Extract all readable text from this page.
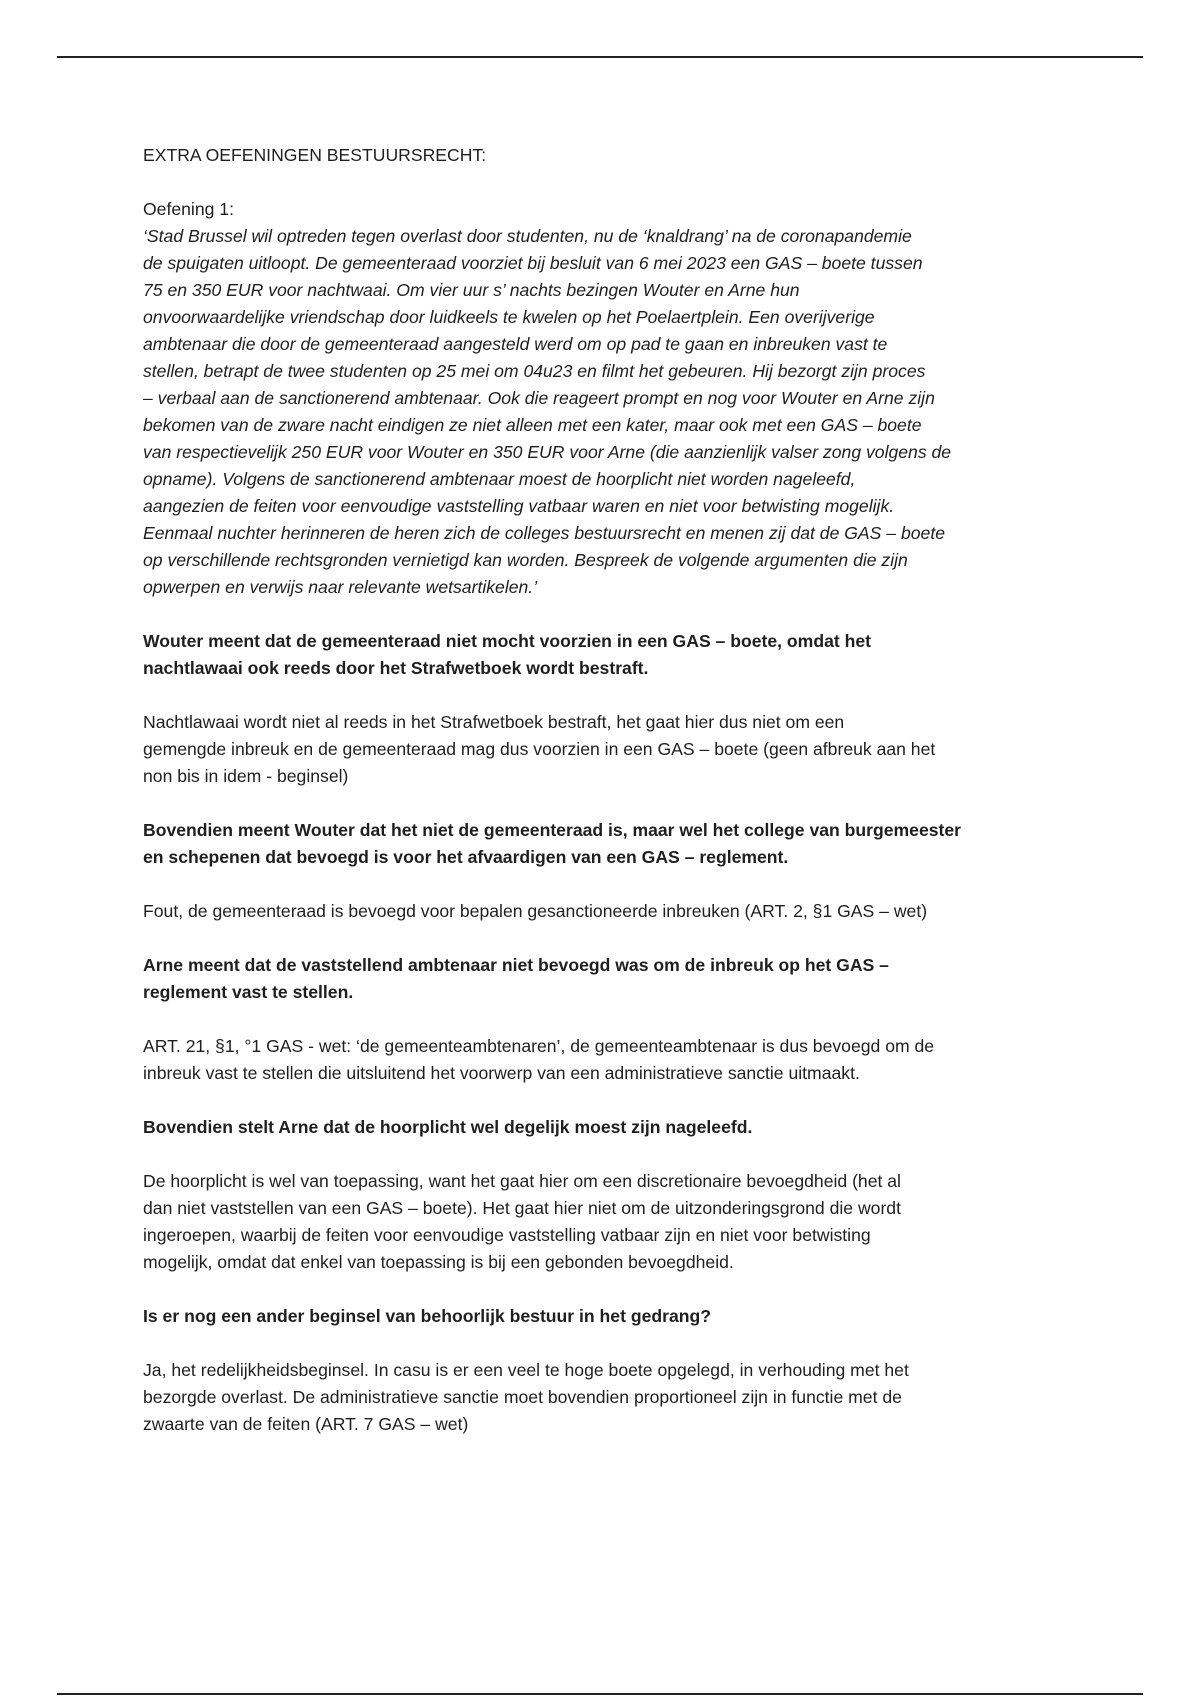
EXTRA OEFENINGEN BESTUURSRECHT:

Oefening 1:

‘Stad Brussel wil optreden tegen overlast door studenten, nu de ‘knaldrang’ na de coronapandemie
de spuigaten uitloopt. De gemeenteraad voorziet bij besluit van 6 mei 2023 een GAS – boete tussen
75 en 350 EUR voor nachtwaai. Om vier uur s’ nachts bezingen Wouter en Arne hun
onvoorwaardelijke vriendschap door luidkeels te kwelen op het Poelaertplein. Een overijverige
ambtenaar die door de gemeenteraad aangesteld werd om op pad te gaan en inbreuken vast te
stellen, betrapt de twee studenten op 25 mei om 04u23 en filmt het gebeuren. Hij bezorgt zijn proces
– verbaal aan de sanctionerend ambtenaar. Ook die reageert prompt en nog voor Wouter en Arne zijn
bekomen van de zware nacht eindigen ze niet alleen met een kater, maar ook met een GAS – boete
van respectievelijk 250 EUR voor Wouter en 350 EUR voor Arne (die aanzienlijk valser zong volgens de
opname). Volgens de sanctionerend ambtenaar moest de hoorplicht niet worden nageleefd,
aangezien de feiten voor eenvoudige vaststelling vatbaar waren en niet voor betwisting mogelijk.
Eenmaal nuchter herinneren de heren zich de colleges bestuursrecht en menen zij dat de GAS – boete
op verschillende rechtsgronden vernietigd kan worden. Bespreek de volgende argumenten die zijn
opwerpen en verwijs naar relevante wetsartikelen.’

Wouter meent dat de gemeenteraad niet mocht voorzien in een GAS – boete, omdat het
nachtlawaai ook reeds door het Strafwetboek wordt bestraft.

Nachtlawaai wordt niet al reeds in het Strafwetboek bestraft, het gaat hier dus niet om een
gemengde inbreuk en de gemeenteraad mag dus voorzien in een GAS – boete (geen afbreuk aan het
non bis in idem - beginsel)

Bovendien meent Wouter dat het niet de gemeenteraad is, maar wel het college van burgemeester
en schepenen dat bevoegd is voor het afvaardigen van een GAS – reglement.

Fout, de gemeenteraad is bevoegd voor bepalen gesanctioneerde inbreuken (ART. 2, §1 GAS – wet)

Arne meent dat de vaststellend ambtenaar niet bevoegd was om de inbreuk op het GAS –
reglement vast te stellen.

ART. 21, §1, °1 GAS - wet: ‘de gemeenteambtenaren’, de gemeenteambtenaar is dus bevoegd om de
inbreuk vast te stellen die uitsluitend het voorwerp van een administratieve sanctie uitmaakt.

Bovendien stelt Arne dat de hoorplicht wel degelijk moest zijn nageleefd.

De hoorplicht is wel van toepassing, want het gaat hier om een discretionaire bevoegdheid (het al
dan niet vaststellen van een GAS – boete). Het gaat hier niet om de uitzonderingsgrond die wordt
ingeroepen, waarbij de feiten voor eenvoudige vaststelling vatbaar zijn en niet voor betwisting
mogelijk, omdat dat enkel van toepassing is bij een gebonden bevoegdheid.

Is er nog een ander beginsel van behoorlijk bestuur in het gedrang?

Ja, het redelijkheidsbeginsel. In casu is er een veel te hoge boete opgelegd, in verhouding met het
bezorgde overlast. De administratieve sanctie moet bovendien proportioneel zijn in functie met de
zwaarte van de feiten (ART. 7 GAS – wet)
